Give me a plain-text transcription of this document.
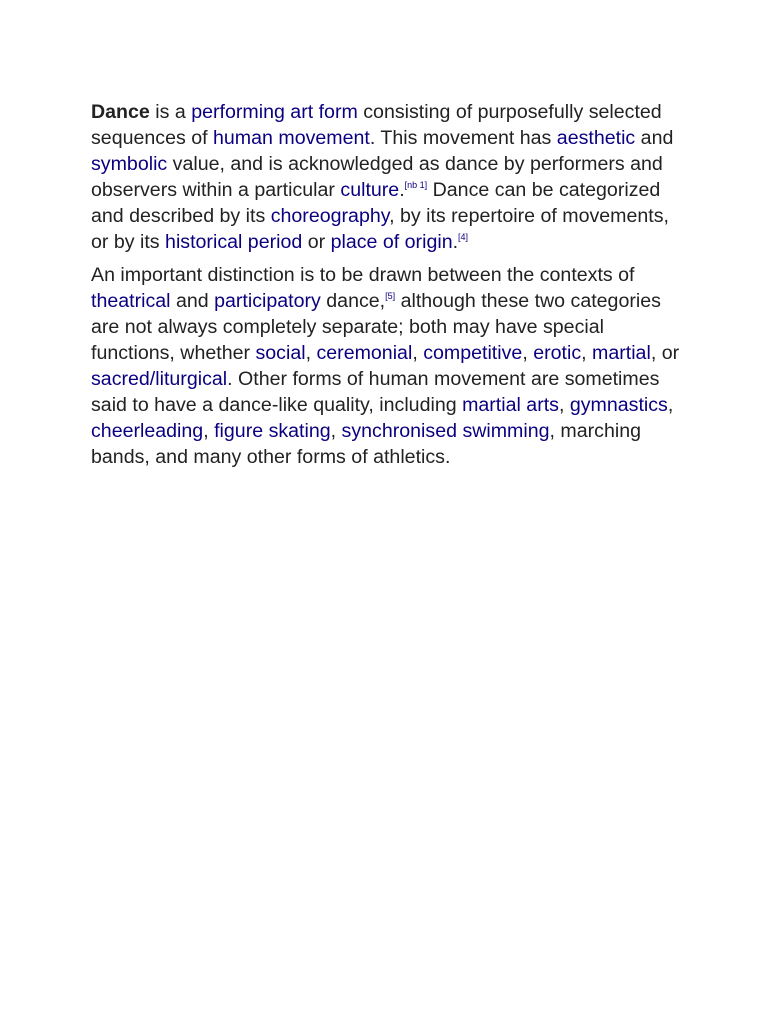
Dance is a performing art form consisting of purposefully selected sequences of human movement. This movement has aesthetic and symbolic value, and is acknowledged as dance by performers and observers within a particular culture.[nb 1] Dance can be categorized and described by its choreography, by its repertoire of movements, or by its historical period or place of origin.[4]

An important distinction is to be drawn between the contexts of theatrical and participatory dance,[5] although these two categories are not always completely separate; both may have special functions, whether social, ceremonial, competitive, erotic, martial, or sacred/liturgical. Other forms of human movement are sometimes said to have a dance-like quality, including martial arts, gymnastics, cheerleading, figure skating, synchronised swimming, marching bands, and many other forms of athletics.
